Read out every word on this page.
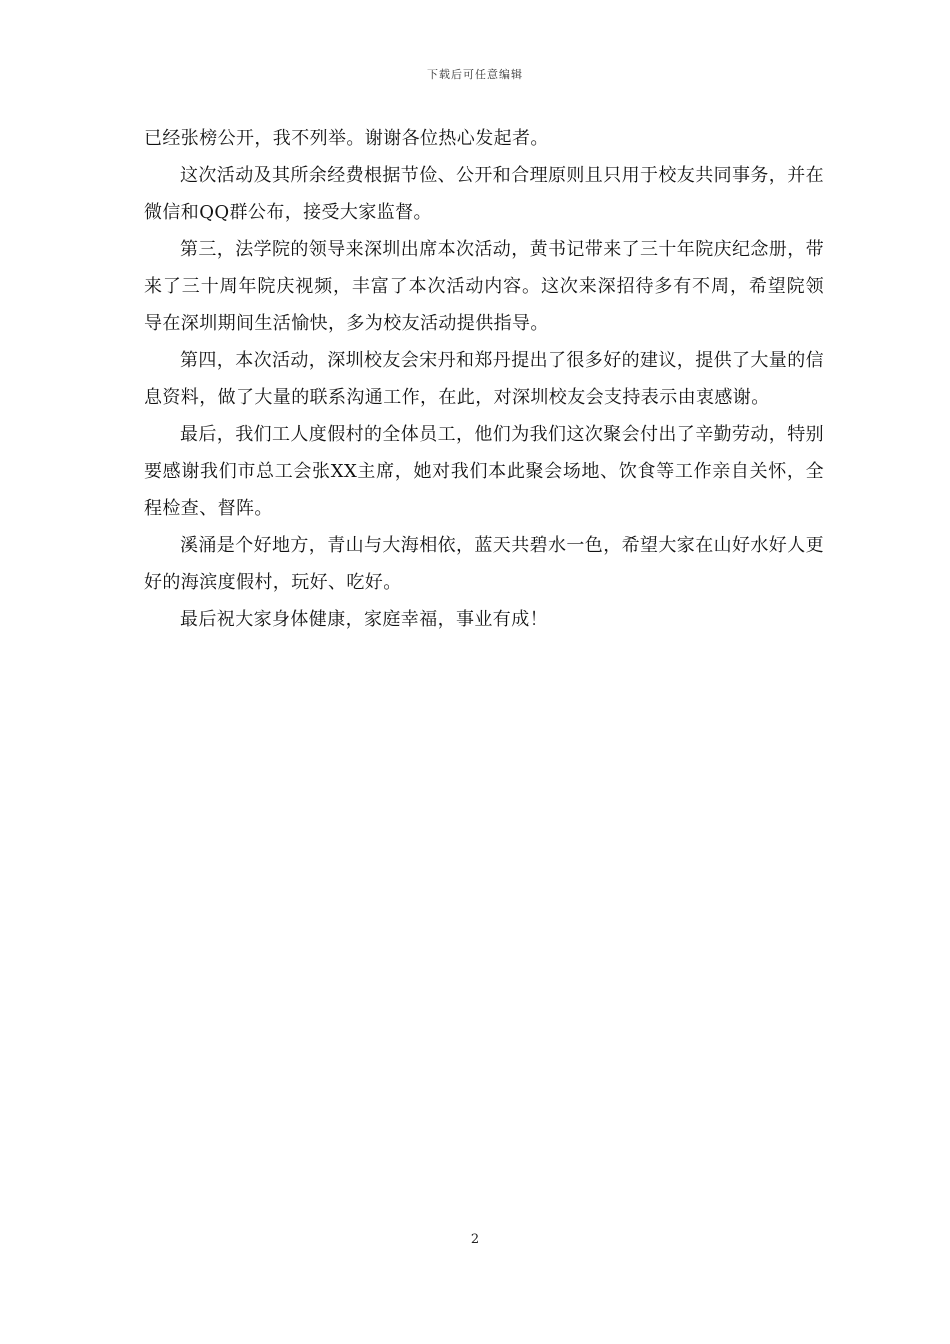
下载后可任意编辑

已经张榜公开，我不列举。谢谢各位热心发起者。

这次活动及其所余经费根据节俭、公开和合理原则且只用于校友共同事务，并在微信和QQ群公布，接受大家监督。

第三，法学院的领导来深圳出席本次活动，黄书记带来了三十年院庆纪念册，带来了三十周年院庆视频，丰富了本次活动内容。这次来深招待多有不周，希望院领导在深圳期间生活愉快，多为校友活动提供指导。

第四，本次活动，深圳校友会宋丹和郑丹提出了很多好的建议，提供了大量的信息资料，做了大量的联系沟通工作，在此，对深圳校友会支持表示由衷感谢。

最后，我们工人度假村的全体员工，他们为我们这次聚会付出了辛勤劳动，特别要感谢我们市总工会张XX主席，她对我们本此聚会场地、饮食等工作亲自关怀，全程检查、督阵。

溪涌是个好地方，青山与大海相依，蓝天共碧水一色，希望大家在山好水好人更好的海滨度假村，玩好、吃好。

最后祝大家身体健康，家庭幸福，事业有成！

2
